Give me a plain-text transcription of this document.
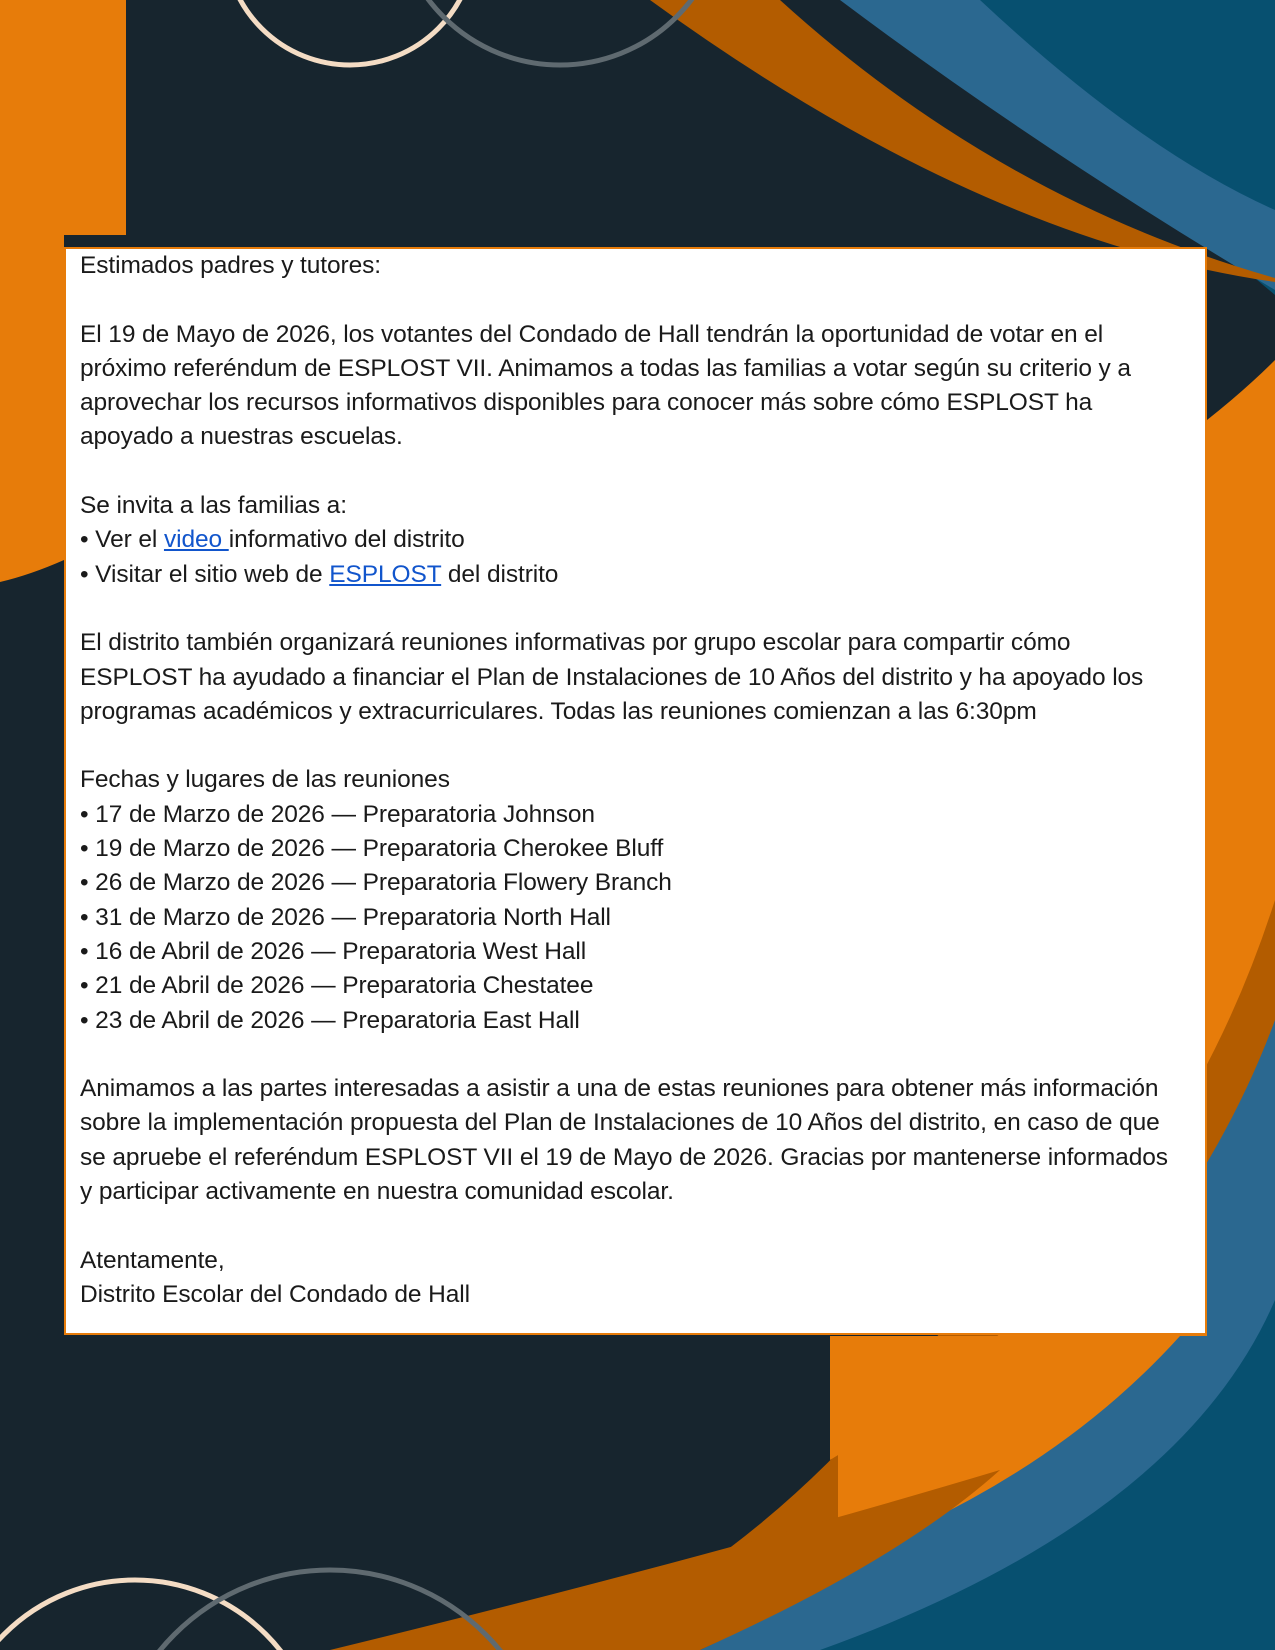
Estimados padres y tutores:

El 19 de Mayo de 2026, los votantes del Condado de Hall tendrán la oportunidad de votar en el próximo referéndum de ESPLOST VII. Animamos a todas las familias a votar según su criterio y a aprovechar los recursos informativos disponibles para conocer más sobre cómo ESPLOST ha apoyado a nuestras escuelas.

Se invita a las familias a:
• Ver el video informativo del distrito
• Visitar el sitio web de ESPLOST del distrito

El distrito también organizará reuniones informativas por grupo escolar para compartir cómo ESPLOST ha ayudado a financiar el Plan de Instalaciones de 10 Años del distrito y ha apoyado los programas académicos y extracurriculares. Todas las reuniones comienzan a las 6:30pm

Fechas y lugares de las reuniones
• 17 de Marzo de 2026 — Preparatoria Johnson
• 19 de Marzo de 2026 — Preparatoria Cherokee Bluff
• 26 de Marzo de 2026 — Preparatoria Flowery Branch
• 31 de Marzo de 2026 — Preparatoria North Hall
• 16 de Abril de 2026 — Preparatoria West Hall
• 21 de Abril de 2026 — Preparatoria Chestatee
• 23 de Abril de 2026 — Preparatoria East Hall

Animamos a las partes interesadas a asistir a una de estas reuniones para obtener más información sobre la implementación propuesta del Plan de Instalaciones de 10 Años del distrito, en caso de que se apruebe el referéndum ESPLOST VII el 19 de Mayo de 2026. Gracias por mantenerse informados y participar activamente en nuestra comunidad escolar.

Atentamente,
Distrito Escolar del Condado de Hall
